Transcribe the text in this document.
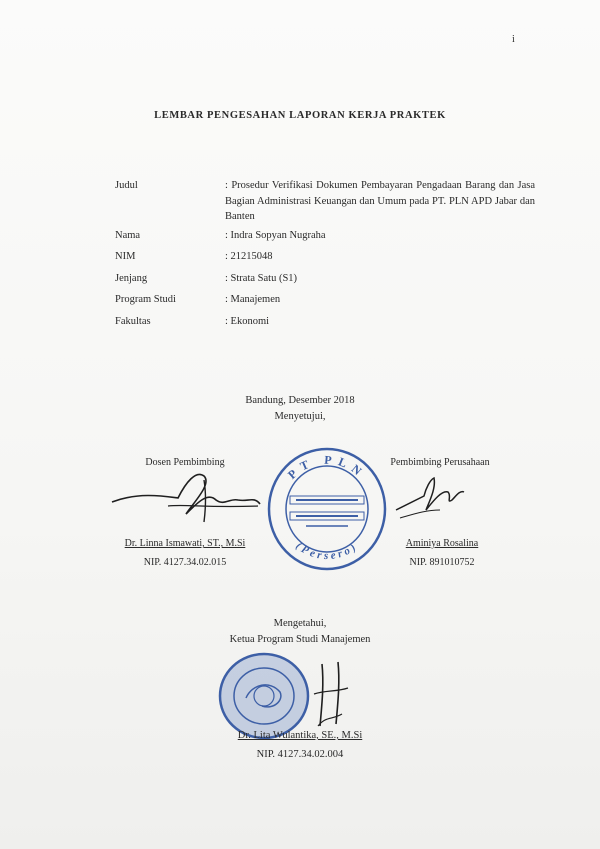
i
LEMBAR PENGESAHAN LAPORAN KERJA PRAKTEK
Judul	: Prosedur Verifikasi Dokumen Pembayaran Pengadaan Barang dan Jasa Bagian Administrasi Keuangan dan Umum pada PT. PLN APD Jabar dan Banten
Nama	: Indra Sopyan Nugraha
NIM	: 21215048
Jenjang	: Strata Satu (S1)
Program Studi	: Manajemen
Fakultas	: Ekonomi
Bandung, Desember 2018
Menyetujui,
Dosen Pembimbing
Dr. Linna Ismawati, ST., M.Si
NIP. 4127.34.02.015
PT PLN
(Persero)
Pembimbing Perusahaan
Aminiya Rosalina
NIP. 891010752
Mengetahui,
Ketua Program Studi Manajemen
Dr. Lita Wulantika, SE., M.Si
NIP. 4127.34.02.004
